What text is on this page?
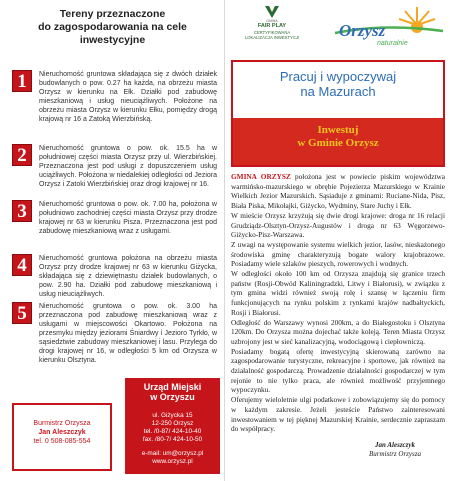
Tereny przeznaczone
do zagospodarowania na cele
inwestycyjne
1	Nieruchomość gruntowa składająca się z dwóch działek budowlanych o pow. 0.27 ha każda, na obrzeżu miasta Orzysz w kierunku na Ełk. Działki pod zabudowę mieszkaniową i usług nieuciążliwych. Położone na obrzeżu miasta Orzysz w kierunku Ełku, pomiędzy drogą krajową nr 16 a Zatoką Wierzbińską.
2	Nieruchomość gruntowa o pow. ok. 15.5 ha w południowej części miasta Orzysz przy ul. Wierzbińskiej. Przeznaczona jest pod usługi z dopuszczeniem usług uciążliwych. Położona w niedalekiej odległości od Jeziora Orzysz i Zatoki Wierzbińskiej oraz drogi krajowej nr 16.
3	Nieruchomość gruntowa o pow. ok. 7.00 ha, położona w południowo zachodniej części miasta Orzysz przy drodze krajowej nr 63 w kierunku Pisza. Przeznaczona jest pod zabudowę mieszkaniową wraz z usługami.
4	Nieruchomość gruntowa położona na obrzeżu miasta Orzysz przy drodze krajowej nr 63 w kierunku Giżycka, składająca się z dziewiętnastu działek budowlanych, o pow. 2.90 ha. Działki pod zabudowę mieszkaniową i usług nieuciążliwych.
5	Nieruchomość gruntowa o pow. ok. 3.00 ha przeznaczona pod zabudowę mieszkaniową wraz z usługami w miejscowości Okartowo. Położona na przesmyku między jeziorami Śniardwy i Jezioro Tyrkło, w sąsiedztwie zabudowy mieszkaniowej i lasu. Przylega do drogi krajowej nr 16, w odległości 5 km od Orzysza w kierunku Olsztyna.
Burmistrz Orzysza
Jan Aleszczyk
tel. 0 508-085-554
Urząd Miejski
w Orzyszu
ul. Giżycka 15
12-250 Orzysz
tel. /0-87/ 424-10-40
fax. /80-7/ 424-10-50
e-mail: um@orzysz.pl
www.orzysz.pl
GMINA
FAIR PLAY
CERTYFIKOWANA
LOKALIZACJA INWESTYCJI	Orzysz
naturalnie
Pracuj i wypoczywaj
na Mazurach
Inwestuj
w Gminie Orzysz

GMINA ORZYSZ położona jest w powiecie piskim województwa warmińsko-mazurskiego w obrębie Pojezierza Mazurskiego w Krainie Wielkich Jezior Mazurskich. Sąsiaduje z gminami: Ruciane-Nida, Pisz, Biała Piska, Mikołajki, Giżycko, Wydminy, Stare Juchy i Ełk.

W mieście Orzysz krzyżują się dwie drogi krajowe: droga nr 16 relacji Grudziądz-Olsztyn-Orzysz-Augustów i droga nr 63 Węgorzewo-Giżycko-Pisz-Warszawa.

Z uwagi na występowanie systemu wielkich jezior, lasów, nieskażonego środowiska gminę charakteryzują bogate walory krajobrazowe. Posiadamy wiele szlaków pieszych, rowerowych i wodnych.

W odległości około 100 km od Orzysza znajdują się granice trzech państw (Rosji-Obwód Kaliningradzki, Litwy i Białorusi), w związku z tym gmina widzi również swoją rolę i szansę w łączeniu firm funkcjonujących na rynku polskim z rynkami krajów nadbałtyckich, Rosji i Białorusi.

Odległość do Warszawy wynosi 200km, a do Białegostoku i Olsztyna 120km. Do Orzysza można dojechać także koleją. Teren Miasta Orzysz uzbrojony jest w sieć kanalizacyjną, wodociągową i ciepłowniczą.

Posiadamy bogatą ofertę inwestycyjną skierowaną zarówno na zagospodarowanie turystyczne, rekreacyjne i sportowe, jak również na działalność gospodarczą. Prowadzenie działalności gospodarczej w tym rejonie to nie tylko praca, ale również możliwość przyjemnego wypoczynku.

Oferujemy wieloletnie ulgi podatkowe i zobowiązujemy się do pomocy w każdym zakresie. Jeżeli jesteście Państwo zainteresowani inwestowaniem w tej pięknej Mazurskiej Krainie, serdecznie zapraszam do współpracy.

Jan Aleszczyk
Burmistrz Orzysza
